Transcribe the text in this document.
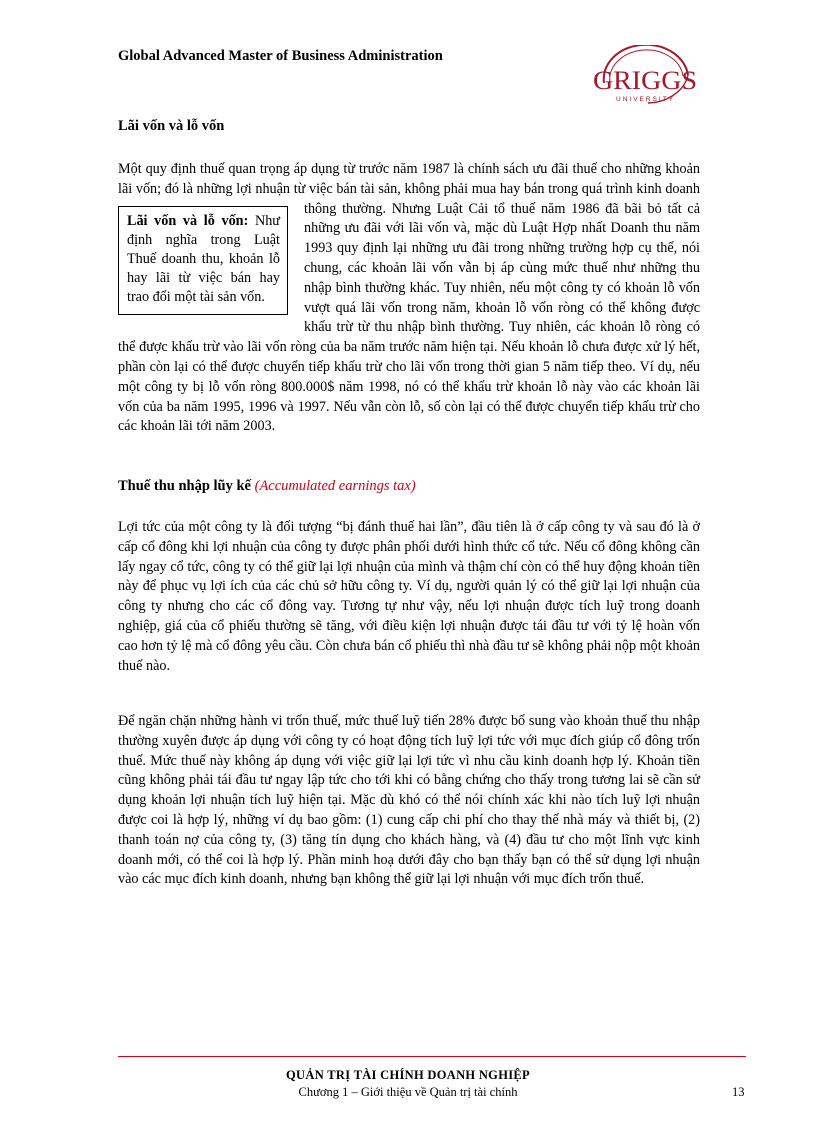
Global Advanced Master of Business Administration
GRIGGS
UNIVERSITY
Lãi vốn và lỗ vốn
Một quy định thuế quan trọng áp dụng từ trước năm 1987 là chính sách ưu đãi thuế cho những khoản lãi vốn; đó là những lợi nhuận từ việc bán tài sản, không phải mua hay bán
Lãi vốn và lỗ vốn: Như định nghĩa trong Luật Thuế doanh thu, khoản lỗ hay lãi từ việc bán hay trao đổi một tài sản vốn.
trong quá trình kinh doanh thông thường. Nhưng Luật Cải tổ thuế năm 1986 đã bãi bỏ tất cả những ưu đãi với lãi vốn và, mặc dù Luật Hợp nhất Doanh thu năm 1993 quy định lại những ưu đãi trong những trường hợp cụ thể, nói chung, các khoản lãi vốn vẫn bị áp cùng mức thuế như những thu nhập bình thường khác. Tuy nhiên, nếu một công ty có khoản lỗ vốn vượt quá lãi vốn trong năm, khoản lỗ vốn ròng có thể không được khấu trừ từ thu nhập bình thường. Tuy nhiên, các khoản lỗ ròng có thể được khấu trừ vào lãi vốn ròng của ba năm trước năm hiện tại. Nếu khoản lỗ chưa được xử lý hết, phần còn lại có thể được chuyển tiếp khấu trừ cho lãi vốn trong thời gian 5 năm tiếp theo. Ví dụ, nếu một công ty bị lỗ vốn ròng 800.000$ năm 1998, nó có thể khấu trừ khoản lỗ này vào các khoản lãi vốn của ba năm 1995, 1996 và 1997. Nếu vẫn còn lỗ, số còn lại có thể được chuyển tiếp khấu trừ cho các khoản lãi tới năm 2003.
Thuế thu nhập lũy kế (Accumulated earnings tax)

Lợi tức của một công ty là đối tượng “bị đánh thuế hai lần”, đầu tiên là ở cấp công ty và sau đó là ở cấp cổ đông khi lợi nhuận của công ty được phân phối dưới hình thức cổ tức. Nếu cổ đông không cần lấy ngay cổ tức, công ty có thể giữ lại lợi nhuận của mình và thậm chí còn có thể huy động khoản tiền này để phục vụ lợi ích của các chủ sở hữu công ty. Ví dụ, người quản lý có thể giữ lại lợi nhuận của công ty nhưng cho các cổ đông vay. Tương tự như vậy, nếu lợi nhuận được tích luỹ trong doanh nghiệp, giá của cổ phiếu thường sẽ tăng, với điều kiện lợi nhuận được tái đầu tư với tỷ lệ hoàn vốn cao hơn tỷ lệ mà cổ đông yêu cầu. Còn chưa bán cổ phiếu thì nhà đầu tư sẽ không phải nộp một khoản thuế nào.

Để ngăn chặn những hành vi trốn thuế, mức thuế luỹ tiến 28% được bổ sung vào khoản thuế thu nhập thường xuyên được áp dụng với công ty có hoạt động tích luỹ lợi tức với mục đích giúp cổ đông trốn thuế. Mức thuế này không áp dụng với việc giữ lại lợi tức vì nhu cầu kinh doanh hợp lý. Khoản tiền cũng không phải tái đầu tư ngay lập tức cho tới khi có bằng chứng cho thấy trong tương lai sẽ cần sử dụng khoản lợi nhuận tích luỹ hiện tại. Mặc dù khó có thể nói chính xác khi nào tích luỹ lợi nhuận được coi là hợp lý, những ví dụ bao gồm: (1) cung cấp chi phí cho thay thế nhà máy và thiết bị, (2) thanh toán nợ của công ty, (3) tăng tín dụng cho khách hàng, và (4) đầu tư cho một lĩnh vực kinh doanh mới, có thể coi là hợp lý. Phần minh hoạ dưới đây cho bạn thấy bạn có thể sử dụng lợi nhuận vào các mục đích kinh doanh, nhưng bạn không thể giữ lại lợi nhuận với mục đích trốn thuế.

QUẢN TRỊ TÀI CHÍNH DOANH NGHIỆP
Chương 1 – Giới thiệu về Quản trị tài chính	13
